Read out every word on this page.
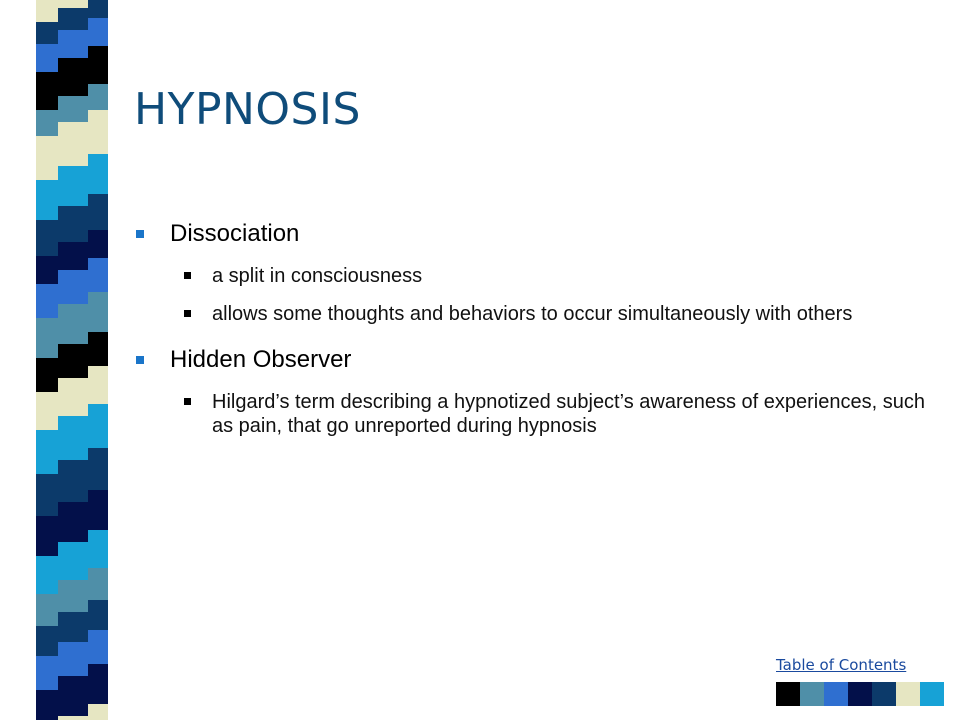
HYPNOSIS
Dissociation
a split in consciousness
allows some thoughts and behaviors to occur simultaneously with others
Hidden Observer
Hilgard’s term describing a hypnotized subject’s awareness of experiences, such as pain, that go unreported during hypnosis
Table of Contents
